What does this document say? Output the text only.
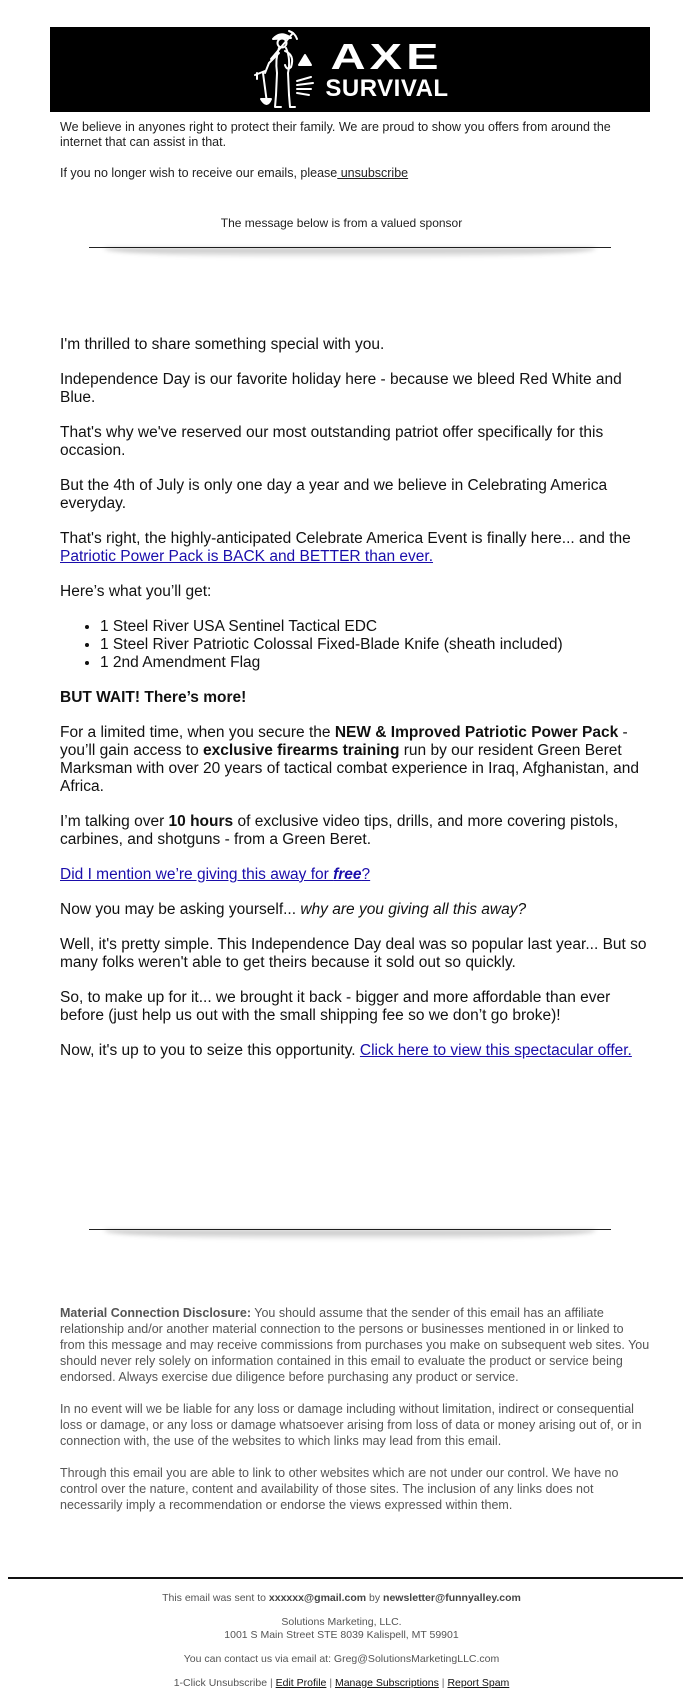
AXE
SURVIVAL

We believe in anyones right to protect their family. We are proud to show you offers from around the internet that can assist in that.

If you no longer wish to receive our emails, please unsubscribe

The message below is from a valued sponsor

I'm thrilled to share something special with you.

Independence Day is our favorite holiday here - because we bleed Red White and Blue.

That's why we've reserved our most outstanding patriot offer specifically for this occasion.

But the 4th of July is only one day a year and we believe in Celebrating America everyday.

That's right, the highly-anticipated Celebrate America Event is finally here... and the Patriotic Power Pack is BACK and BETTER than ever.

Here’s what you’ll get:

• 1 Steel River USA Sentinel Tactical EDC
• 1 Steel River Patriotic Colossal Fixed-Blade Knife (sheath included)
• 1 2nd Amendment Flag

BUT WAIT! There’s more!

For a limited time, when you secure the NEW & Improved Patriotic Power Pack - you’ll gain access to exclusive firearms training run by our resident Green Beret Marksman with over 20 years of tactical combat experience in Iraq, Afghanistan, and Africa.

I’m talking over 10 hours of exclusive video tips, drills, and more covering pistols, carbines, and shotguns - from a Green Beret.

Did I mention we’re giving this away for free?

Now you may be asking yourself... why are you giving all this away?

Well, it's pretty simple. This Independence Day deal was so popular last year... But so many folks weren't able to get theirs because it sold out so quickly.

So, to make up for it... we brought it back - bigger and more affordable than ever before (just help us out with the small shipping fee so we don’t go broke)!

Now, it's up to you to seize this opportunity. Click here to view this spectacular offer.

Material Connection Disclosure: You should assume that the sender of this email has an affiliate relationship and/or another material connection to the persons or businesses mentioned in or linked to from this message and may receive commissions from purchases you make on subsequent web sites. You should never rely solely on information contained in this email to evaluate the product or service being endorsed. Always exercise due diligence before purchasing any product or service.

In no event will we be liable for any loss or damage including without limitation, indirect or consequential loss or damage, or any loss or damage whatsoever arising from loss of data or money arising out of, or in connection with, the use of the websites to which links may lead from this email.

Through this email you are able to link to other websites which are not under our control. We have no control over the nature, content and availability of those sites. The inclusion of any links does not necessarily imply a recommendation or endorse the views expressed within them.

This email was sent to xxxxxx@gmail.com by newsletter@funnyalley.com

Solutions Marketing, LLC.
1001 S Main Street STE 8039 Kalispell, MT 59901

You can contact us via email at: Greg@SolutionsMarketingLLC.com

1-Click Unsubscribe | Edit Profile | Manage Subscriptions | Report Spam
